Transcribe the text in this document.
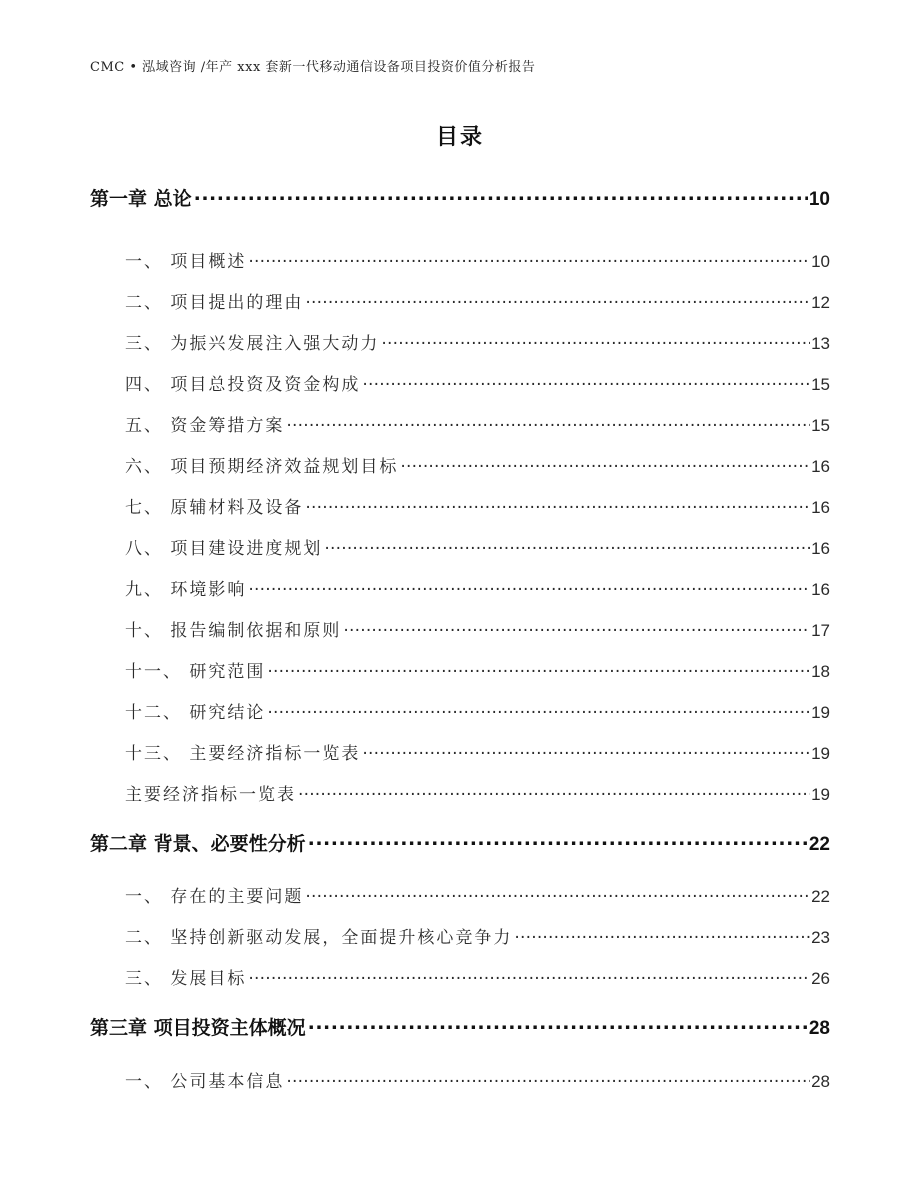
CMC • 泓域咨询 /年产 xxx 套新一代移动通信设备项目投资价值分析报告
目录
第一章 总论 .....	10
一、 项目概述 .....	10
二、 项目提出的理由 .....	12
三、 为振兴发展注入强大动力 .....	13
四、 项目总投资及资金构成 .....	15
五、 资金筹措方案 .....	15
六、 项目预期经济效益规划目标 .....	16
七、 原辅材料及设备 .....	16
八、 项目建设进度规划 .....	16
九、 环境影响 .....	16
十、 报告编制依据和原则 .....	17
十一、 研究范围 .....	18
十二、 研究结论 .....	19
十三、 主要经济指标一览表 .....	19
主要经济指标一览表 .....	19
第二章 背景、必要性分析 .....	22
一、 存在的主要问题 .....	22
二、 坚持创新驱动发展，全面提升核心竞争力 .....	23
三、 发展目标 .....	26
第三章 项目投资主体概况 .....	28
一、 公司基本信息 .....	28
